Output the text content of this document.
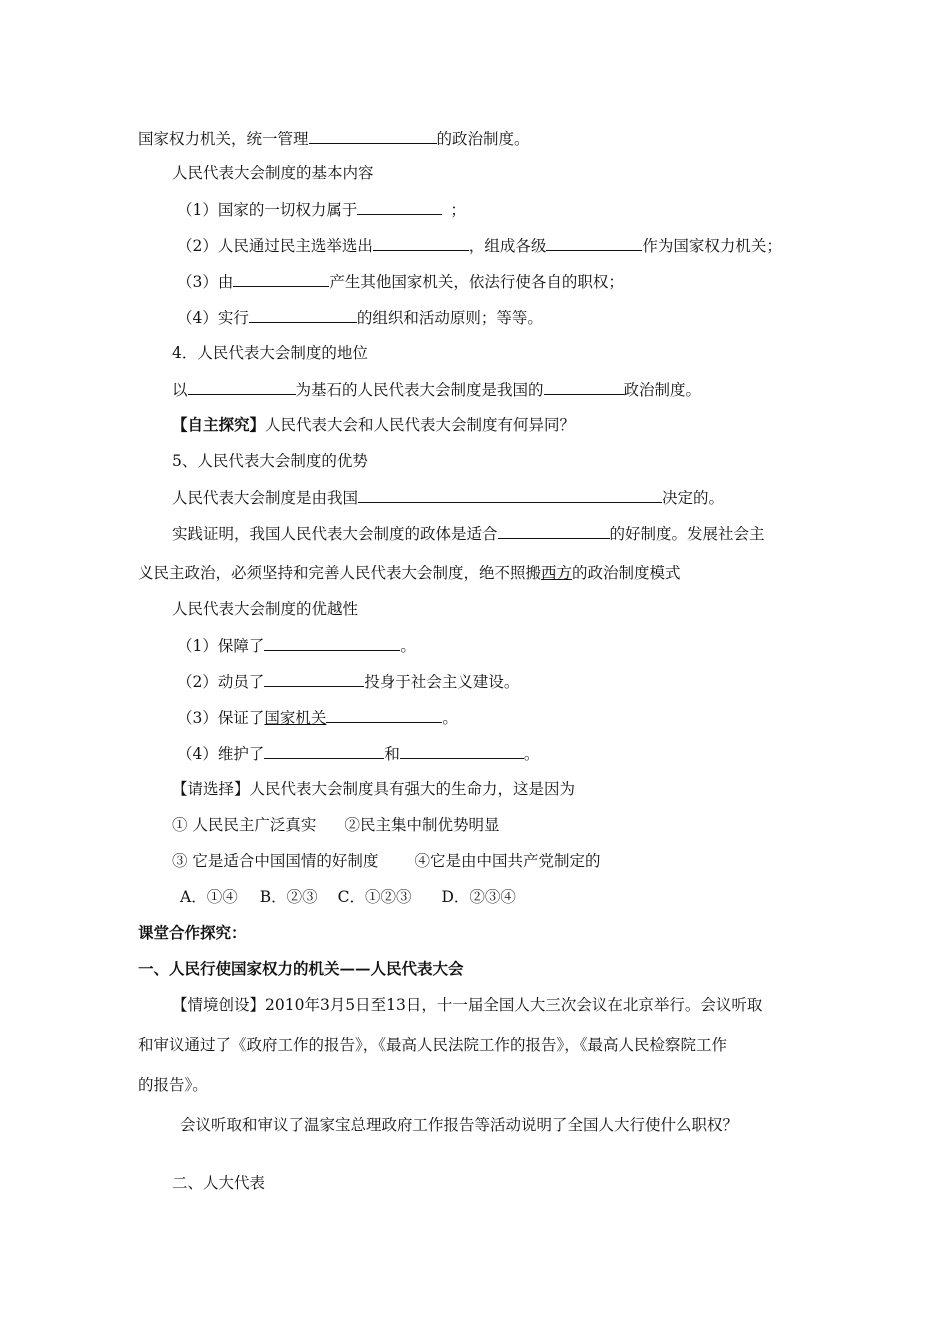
国家权力机关，统一管理	的政治制度。
人民代表大会制度的基本内容
（1）国家的一切权力属于	；
（2）人民通过民主选举选出	，组成各级	作为国家权力机关；
（3）由	产生其他国家机关，依法行使各自的职权；
（4）实行	的组织和活动原则；等等。
4．人民代表大会制度的地位
以	为基石的人民代表大会制度是我国的	政治制度。
【自主探究】人民代表大会和人民代表大会制度有何异同？
5、人民代表大会制度的优势
人民代表大会制度是由我国	决定的。
实践证明，我国人民代表大会制度的政体是适合	的好制度。发展社会主
义民主政治，必须坚持和完善人民代表大会制度，绝不照搬西方的政治制度模式
人民代表大会制度的优越性
（1）保障了	。
（2）动员了	投身于社会主义建设。
（3）保证了国家机关	。
（4）维护了	和	。
【请选择】人民代表大会制度具有强大的生命力，这是因为
① 人民民主广泛真实 ②民主集中制优势明显
③ 它是适合中国国情的好制度 ④它是由中国共产党制定的
A．①④ B．②③ C．①②③ D．②③④
课堂合作探究：
一、人民行使国家权力的机关——人民代表大会
【情境创设】2010年3月5日至13日，十一届全国人大三次会议在北京举行。会议听取
和审议通过了《政府工作的报告》，《最高人民法院工作的报告》，《最高人民检察院工作
的报告》。
会议听取和审议了温家宝总理政府工作报告等活动说明了全国人大行使什么职权？
二、人大代表
